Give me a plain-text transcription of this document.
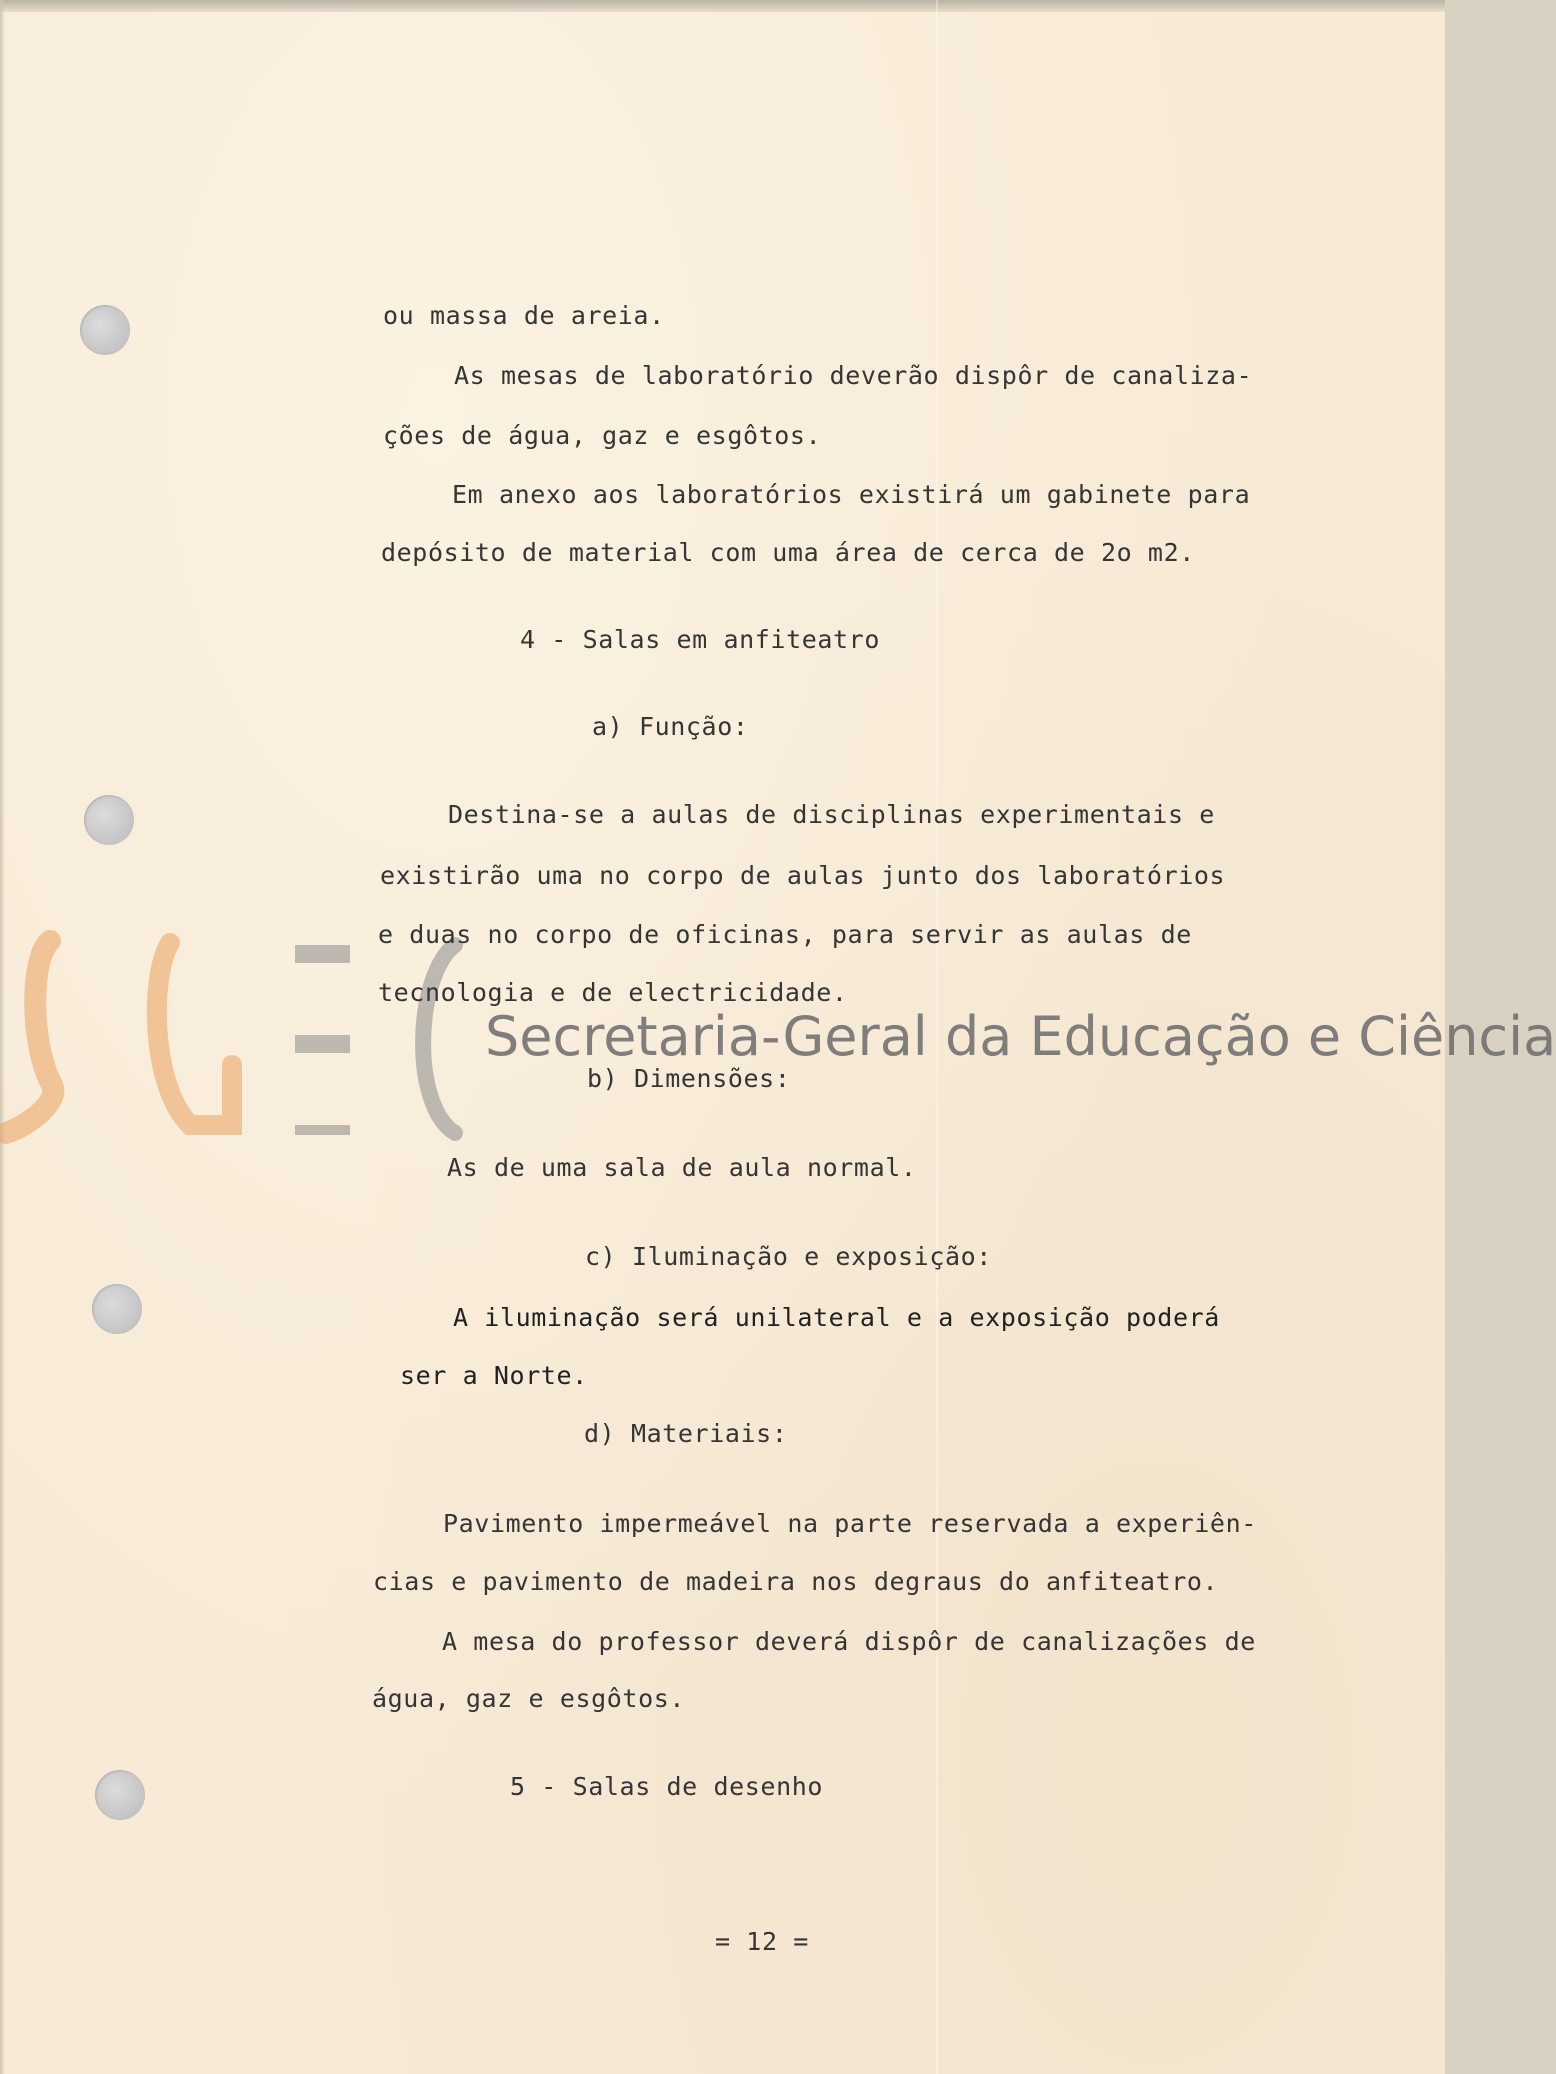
ou massa de areia.
As mesas de laboratório deverão dispôr de canaliza-
ções de água, gaz e esgôtos.
Em anexo aos laboratórios existirá um gabinete para
depósito de material com uma área de cerca de 2o m2.
4 - Salas em anfiteatro
a) Função:
Destina-se a aulas de disciplinas experimentais e
existirão uma no corpo de aulas junto dos laboratórios
e duas no corpo de oficinas, para servir as aulas de
tecnologia e de electricidade.
b) Dimensões:
As de uma sala de aula normal.
c) Iluminação e exposição:
A iluminação será unilateral e a exposição poderá
ser a Norte.
d) Materiais:
Pavimento impermeável na parte reservada a experiên-
cias e pavimento de madeira nos degraus do anfiteatro.
A mesa do professor deverá dispôr de canalizações de
água, gaz e esgôtos.
5 - Salas de desenho
= 12 =
Secretaria-Geral da Educação e Ciência
